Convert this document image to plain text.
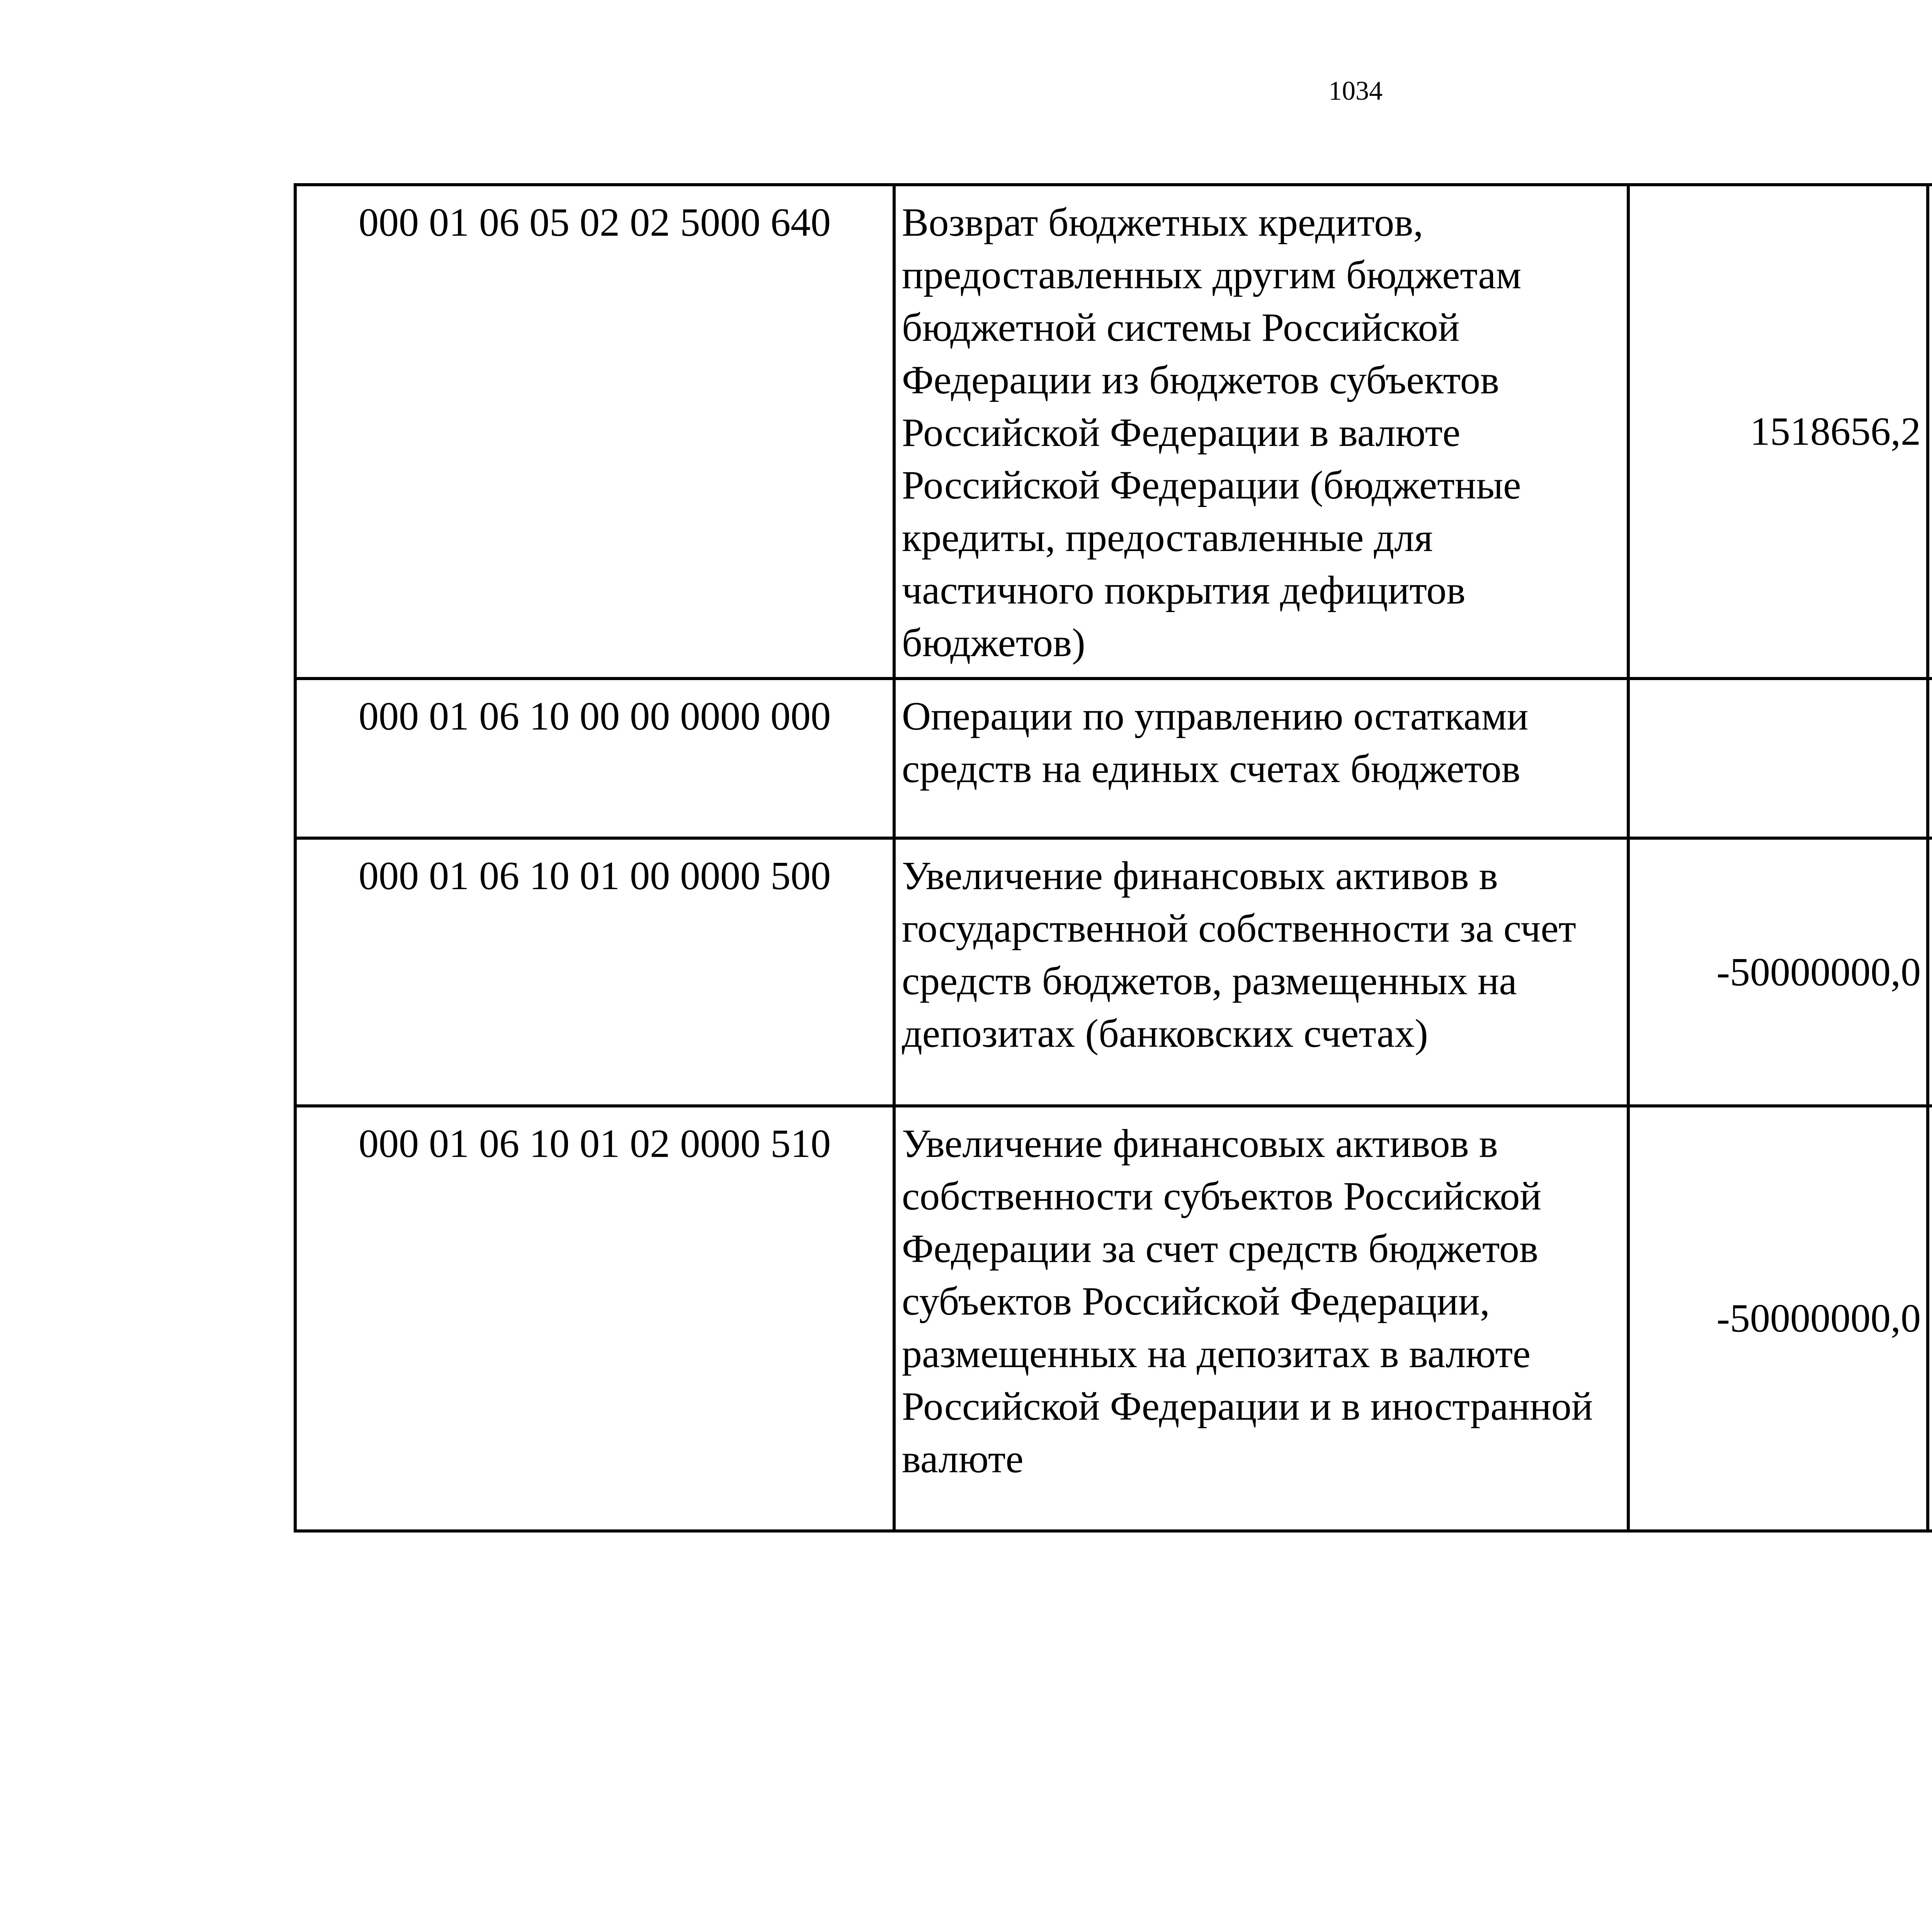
1034
000 01 06 05 02 02 5000 640	Возврат бюджетных кредитов, предоставленных другим бюджетам бюджетной системы Российской Федерации из бюджетов субъектов Российской Федерации в валюте Российской Федерации (бюджетные кредиты, предоставленные для частичного покрытия дефицитов бюджетов)	1518656,2		
000 01 06 10 00 00 0000 000	Операции по управлению остатками средств на единых счетах бюджетов			
000 01 06 10 01 00 0000 500	Увеличение финансовых активов в государственной собственности за счет средств бюджетов, размещенных на депозитах (банковских счетах)	-50000000,0		
000 01 06 10 01 02 0000 510	Увеличение финансовых активов в собственности субъектов Российской Федерации за счет средств бюджетов субъектов Российской Федерации, размещенных на депозитах в валюте Российской Федерации и в иностранной валюте	-50000000,0		
